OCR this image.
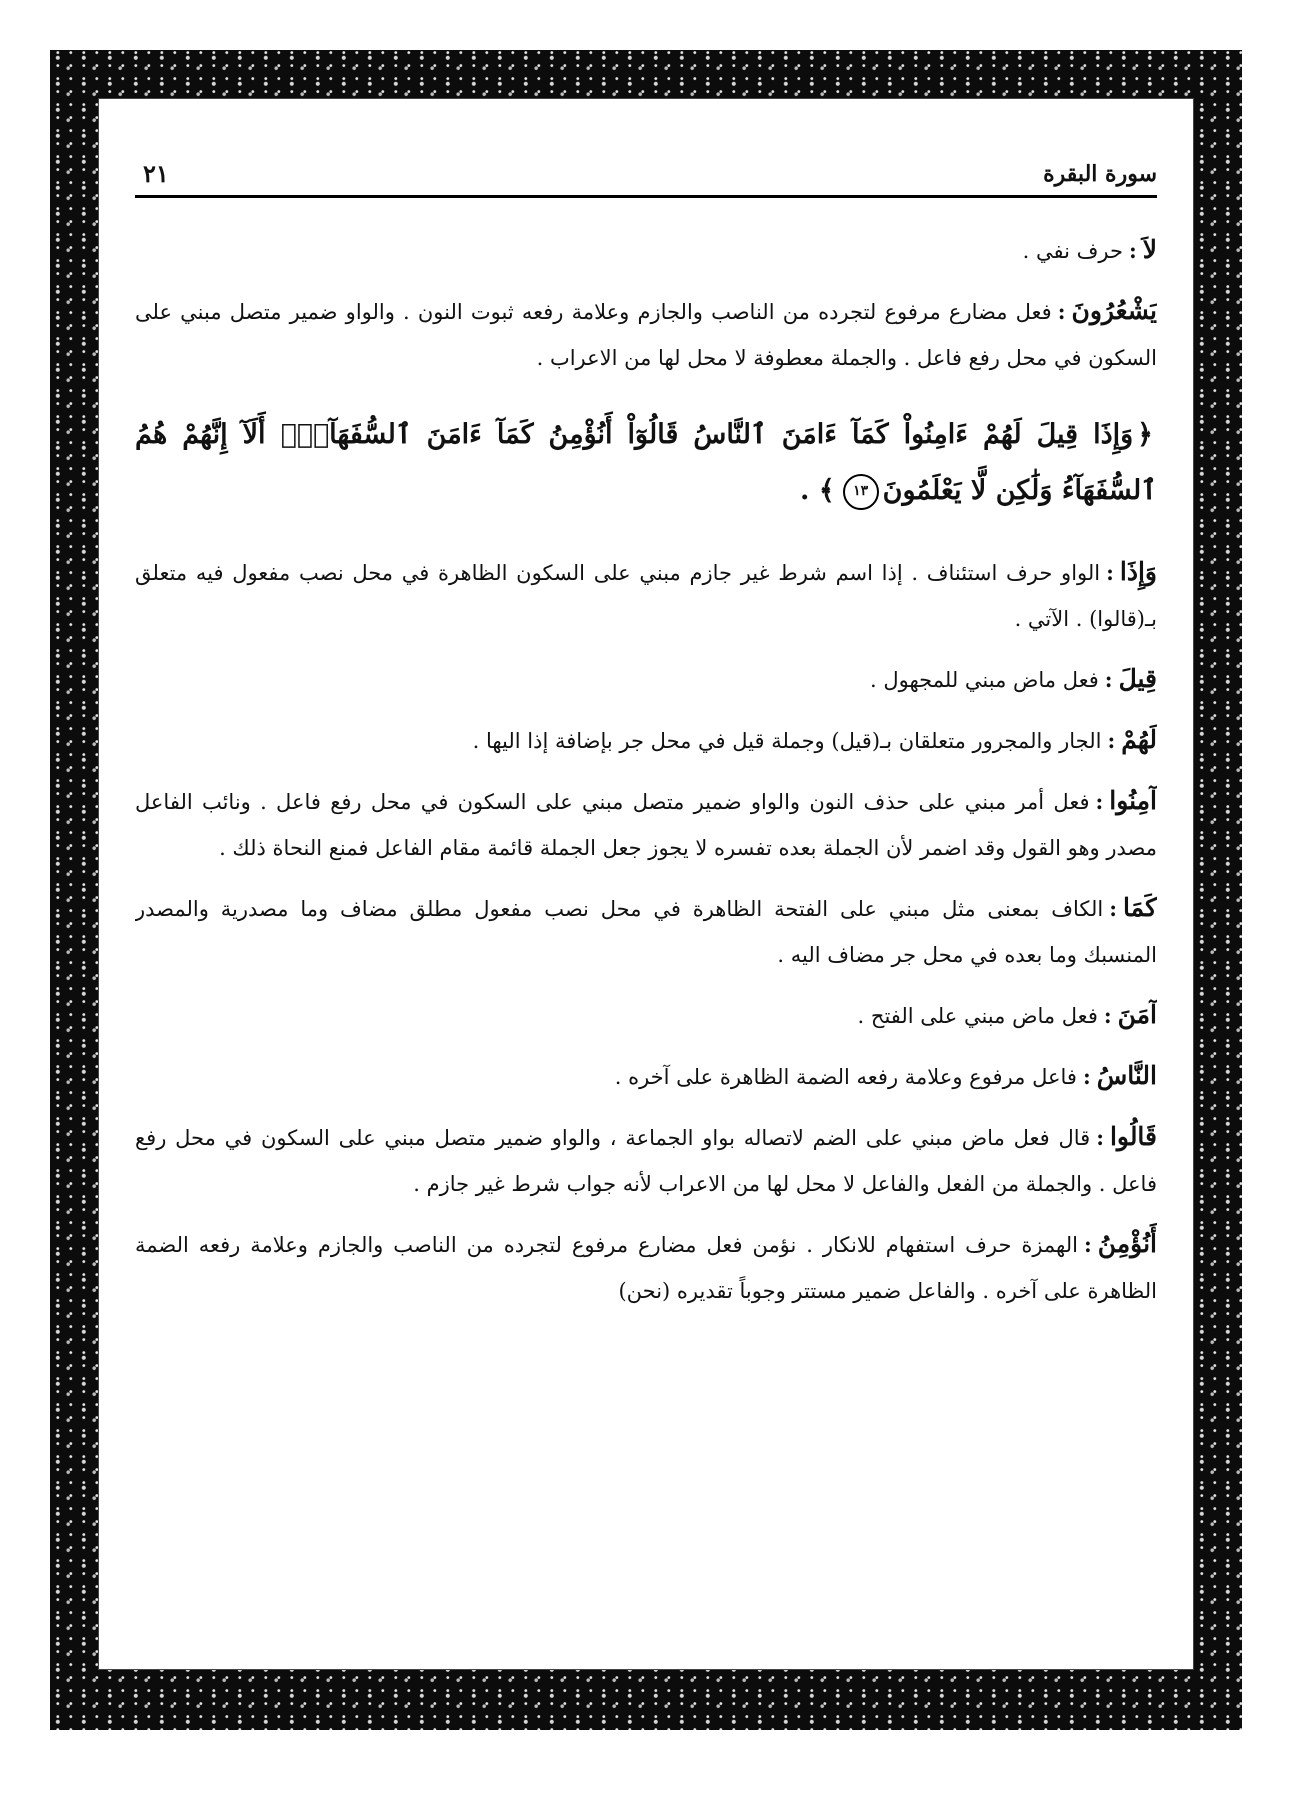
٢١	سورة البقرة

لاَ:حرف نفي .

يَشْعُرُونَ:فعل مضارع مرفوع لتجرده من الناصب والجازم وعلامة رفعه ثبوت النون . والواو ضمير متصل مبني على السكون في محل رفع فاعل . والجملة معطوفة لا محل لها من الاعراب .

﴿وَإِذَا قِيلَ لَهُمْ ءَامِنُواْ كَمَآ ءَامَنَ ٱلنَّاسُ قَالُوٓاْ أَنُؤْمِنُ كَمَآ ءَامَنَ ٱلسُّفَهَآءُۗ أَلَآ إِنَّهُمْ هُمُ ٱلسُّفَهَآءُ وَلَٰكِن لَّا يَعْلَمُونَ١٣﴾ .

وَإِذَا:الواو حرف استئناف . إذا اسم شرط غير جازم مبني على السكون الظاهرة في محل نصب مفعول فيه متعلق بـ(قالوا) . الآتي .

قِيلَ:فعل ماض مبني للمجهول .

لَهُمْ:الجار والمجرور متعلقان بـ(قيل) وجملة قيل في محل جر بإضافة إذا اليها .

آمِنُوا:فعل أمر مبني على حذف النون والواو ضمير متصل مبني على السكون في محل رفع فاعل . ونائب الفاعل مصدر وهو القول وقد اضمر لأن الجملة بعده تفسره لا يجوز جعل الجملة قائمة مقام الفاعل فمنع النحاة ذلك .

كَمَا:الكاف بمعنى مثل مبني على الفتحة الظاهرة في محل نصب مفعول مطلق مضاف وما مصدرية والمصدر المنسبك وما بعده في محل جر مضاف اليه .

آمَنَ:فعل ماض مبني على الفتح .

النَّاسُ:فاعل مرفوع وعلامة رفعه الضمة الظاهرة على آخره .

قَالُوا:قال فعل ماض مبني على الضم لاتصاله بواو الجماعة ، والواو ضمير متصل مبني على السكون في محل رفع فاعل . والجملة من الفعل والفاعل لا محل لها من الاعراب لأنه جواب شرط غير جازم .

أَنُؤْمِنُ:الهمزة حرف استفهام للانكار . نؤمن فعل مضارع مرفوع لتجرده من الناصب والجازم وعلامة رفعه الضمة الظاهرة على آخره . والفاعل ضمير مستتر وجوباً تقديره (نحن)
